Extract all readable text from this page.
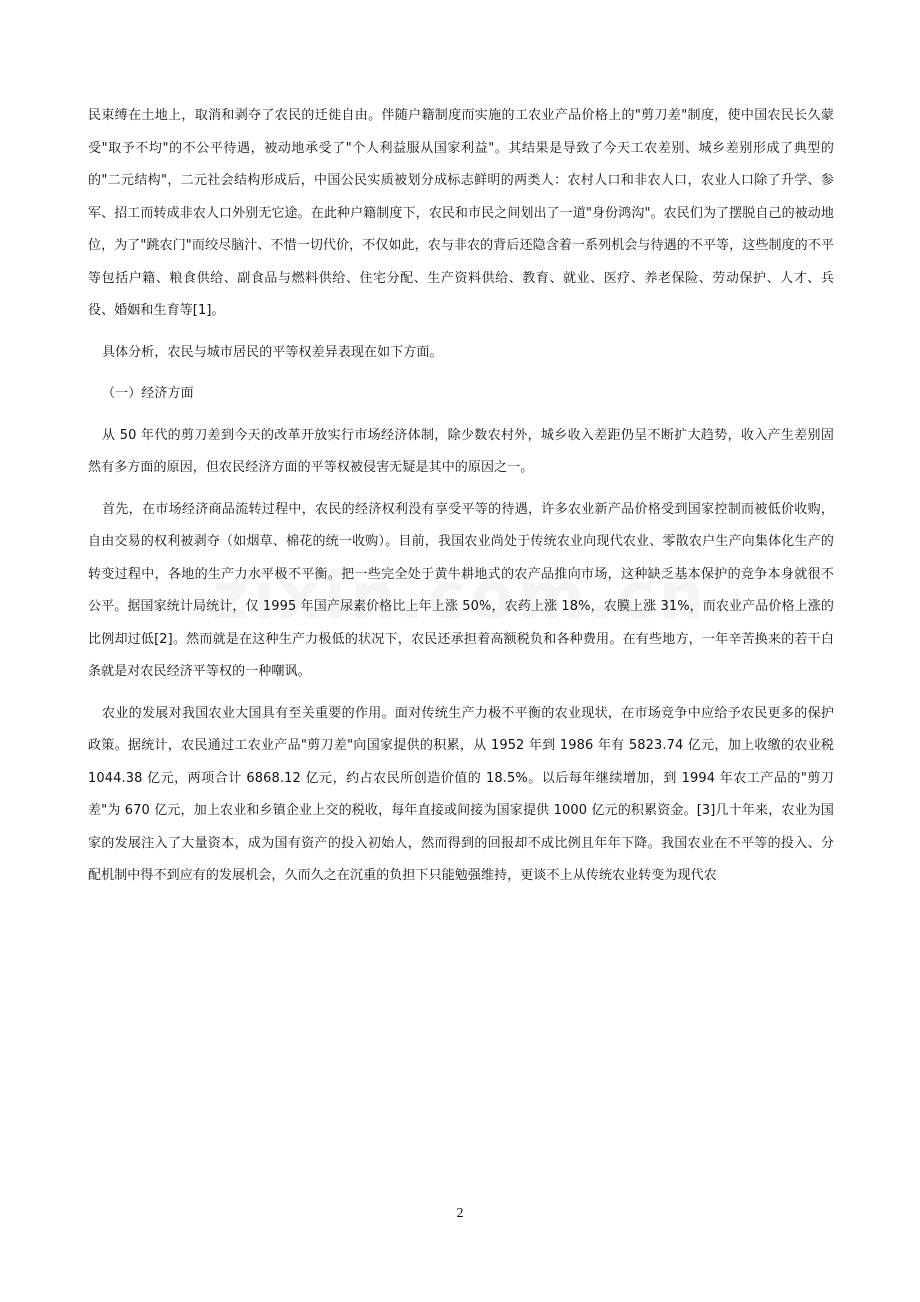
民束缚在土地上，取消和剥夺了农民的迁徙自由。伴随户籍制度而实施的工农业产品价格上的"剪刀差"制度，使中国农民长久蒙受"取予不均"的不公平待遇，被动地承受了"个人利益服从国家利益"。其结果是导致了今天工农差别、城乡差别形成了典型的的"二元结构"，二元社会结构形成后，中国公民实质被划分成标志鲜明的两类人：农村人口和非农人口，农业人口除了升学、参军、招工而转成非农人口外别无它途。在此种户籍制度下，农民和市民之间划出了一道"身份鸿沟"。农民们为了摆脱自己的被动地位，为了"跳农门"而绞尽脑汁、不惜一切代价，不仅如此，农与非农的背后还隐含着一系列机会与待遇的不平等，这些制度的不平等包括户籍、粮食供给、副食品与燃料供给、住宅分配、生产资料供给、教育、就业、医疗、养老保险、劳动保护、人才、兵役、婚姻和生育等[1]。

具体分析，农民与城市居民的平等权差异表现在如下方面。

（一）经济方面

从 50 年代的剪刀差到今天的改革开放实行市场经济体制，除少数农村外，城乡收入差距仍呈不断扩大趋势，收入产生差别固然有多方面的原因，但农民经济方面的平等权被侵害无疑是其中的原因之一。

首先，在市场经济商品流转过程中，农民的经济权利没有享受平等的待遇，许多农业新产品价格受到国家控制而被低价收购，自由交易的权利被剥夺（如烟草、棉花的统一收购）。目前，我国农业尚处于传统农业向现代农业、零散农户生产向集体化生产的转变过程中，各地的生产力水平极不平衡。把一些完全处于黄牛耕地式的农产品推向市场，这种缺乏基本保护的竞争本身就很不公平。据国家统计局统计，仅 1995 年国产尿素价格比上年上涨 50%，农药上涨 18%，农膜上涨 31%，而农业产品价格上涨的比例却过低[2]。然而就是在这种生产力极低的状况下，农民还承担着高额税负和各种费用。在有些地方，一年辛苦换来的若干白条就是对农民经济平等权的一种嘲讽。

农业的发展对我国农业大国具有至关重要的作用。面对传统生产力极不平衡的农业现状，在市场竞争中应给予农民更多的保护政策。据统计，农民通过工农业产品"剪刀差"向国家提供的积累，从 1952 年到 1986 年有 5823.74 亿元，加上收缴的农业税 1044.38 亿元，两项合计 6868.12 亿元，约占农民所创造价值的 18.5%。以后每年继续增加，到 1994 年农工产品的"剪刀差"为 670 亿元，加上农业和乡镇企业上交的税收，每年直接或间接为国家提供 1000 亿元的积累资金。[3]几十年来，农业为国家的发展注入了大量资本，成为国有资产的投入初始人，然而得到的回报却不成比例且年年下降。我国农业在不平等的投入、分配机制中得不到应有的发展机会，久而久之在沉重的负担下只能勉强维持，更谈不上从传统农业转变为现代农

2
